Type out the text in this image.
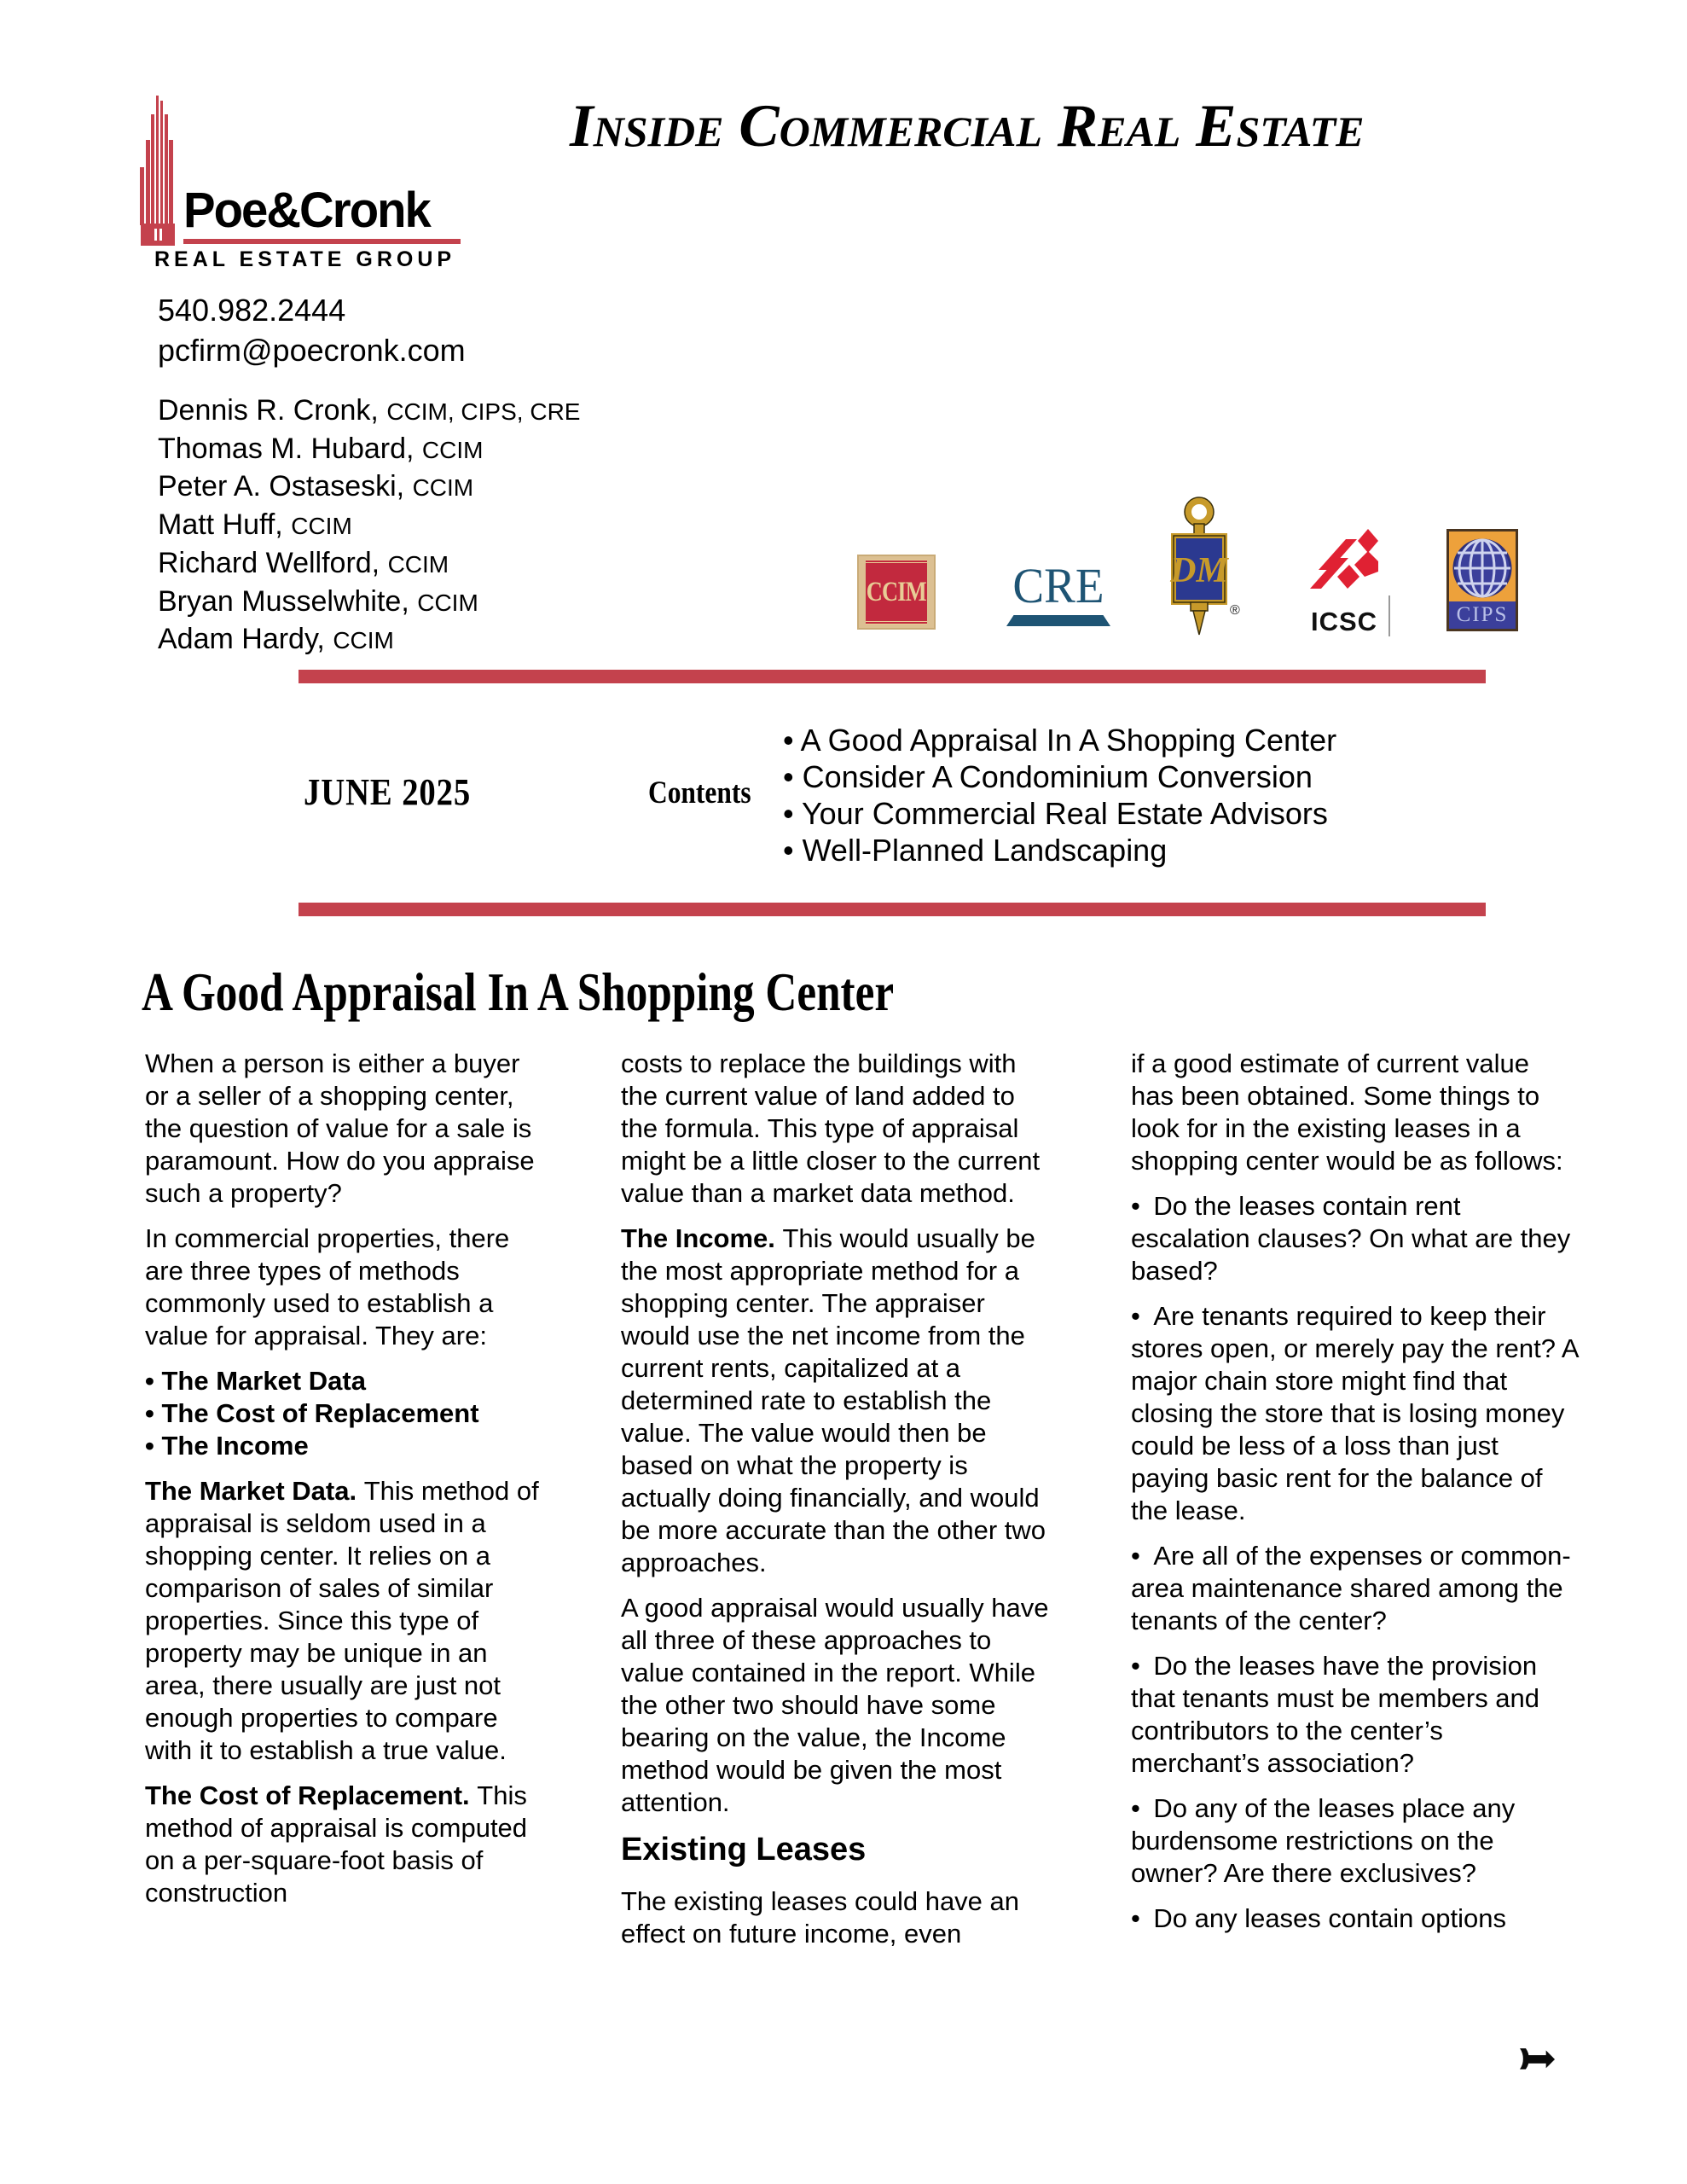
Poe&Cronk
REAL ESTATE GROUP
Inside Commercial Real Estate
540.982.2444
pcfirm@poecronk.com
Dennis R. Cronk, CCIM, CIPS, CRE
Thomas M. Hubard, CCIM
Peter A. Ostaseski, CCIM
Matt Huff, CCIM
Richard Wellford, CCIM
Bryan Musselwhite, CCIM
Adam Hardy, CCIM
CCIM CRE DM
®	ICSC	CIPS
JUNE 2025	Contents
• A Good Appraisal In A Shopping Center
• Consider A Condominium Conversion
• Your Commercial Real Estate Advisors
• Well-Planned Landscaping
A Good Appraisal In A Shopping Center

When a person is either a buyer or a seller of a shopping center, the question of value for a sale is paramount. How do you appraise such a property?

In commercial properties, there are three types of methods commonly used to establish a value for appraisal. They are:

• The Market Data

• The Cost of Replacement

• The Income

The Market Data. This method of appraisal is seldom used in a shopping center. It relies on a comparison of sales of similar properties. Since this type of property may be unique in an area, there usually are just not enough properties to compare with it to establish a true value.

The Cost of Replacement. This method of appraisal is computed on a per-square-foot basis of construction

costs to replace the buildings with the current value of land added to the formula. This type of appraisal might be a little closer to the current value than a market data method.

The Income. This would usually be the most appropriate method for a shopping center. The appraiser would use the net income from the current rents, capitalized at a determined rate to establish the value. The value would then be based on what the property is actually doing financially, and would be more accurate than the other two approaches.

A good appraisal would usually have all three of these approaches to value contained in the report. While the other two should have some bearing on the value, the Income method would be given the most attention.

Existing Leases

The existing leases could have an effect on future income, even

if a good estimate of current value has been obtained. Some things to look for in the existing leases in a shopping center would be as follows:

• Do the leases contain rent escalation clauses? On what are they based?

• Are tenants required to keep their stores open, or merely pay the rent? A major chain store might find that closing the store that is losing money could be less of a loss than just paying basic rent for the balance of the lease.

• Are all of the expenses or common-area maintenance shared among the tenants of the center?

• Do the leases have the provision that tenants must be members and contributors to the center’s merchant’s association?

• Do any of the leases place any burdensome restrictions on the owner? Are there exclusives?

• Do any leases contain options

)))➡
